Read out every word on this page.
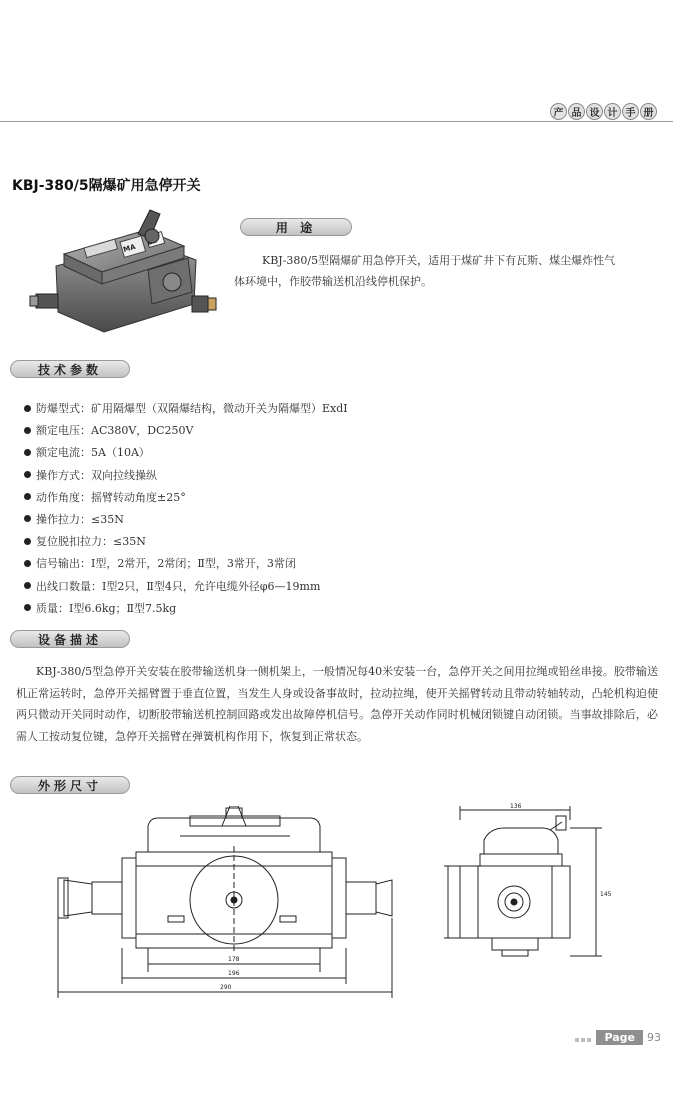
产 品 设 计 手 册
KBJ-380/5隔爆矿用急停开关
MA
用 途
KBJ-380/5型隔爆矿用急停开关，适用于煤矿井下有瓦斯、煤尘爆炸性气
体环境中，作胶带输送机沿线停机保护。
技术参数
防爆型式：矿用隔爆型（双隔爆结构，微动开关为隔爆型）ExdI
额定电压：AC380V，DC250V
额定电流：5A（10A）
操作方式：双向拉线操纵
动作角度：摇臂转动角度±25°
操作拉力：≤35N
复位脱扣拉力：≤35N
信号输出：Ⅰ型，2常开，2常闭；Ⅱ型，3常开，3常闭
出线口数量：Ⅰ型2只，Ⅱ型4只，允许电缆外径φ6—19mm
质量：Ⅰ型6.6kg；Ⅱ型7.5kg
设备描述
KBJ-380/5型急停开关安装在胶带输送机身一侧机架上，一般情况每40米安装一台，急停开关之间用拉绳或铅丝串接。胶带输送机正常运转时，急停开关摇臂置于垂直位置，当发生人身或设备事故时，拉动拉绳，使开关摇臂转动且带动转轴转动，凸轮机构迫使两只微动开关同时动作，切断胶带输送机控制回路或发出故障停机信号。急停开关动作同时机械闭锁键自动闭锁。当事故排除后，必需人工按动复位键，急停开关摇臂在弹簧机构作用下，恢复到正常状态。
外形尺寸
178
196
290
136
145
Page	93
